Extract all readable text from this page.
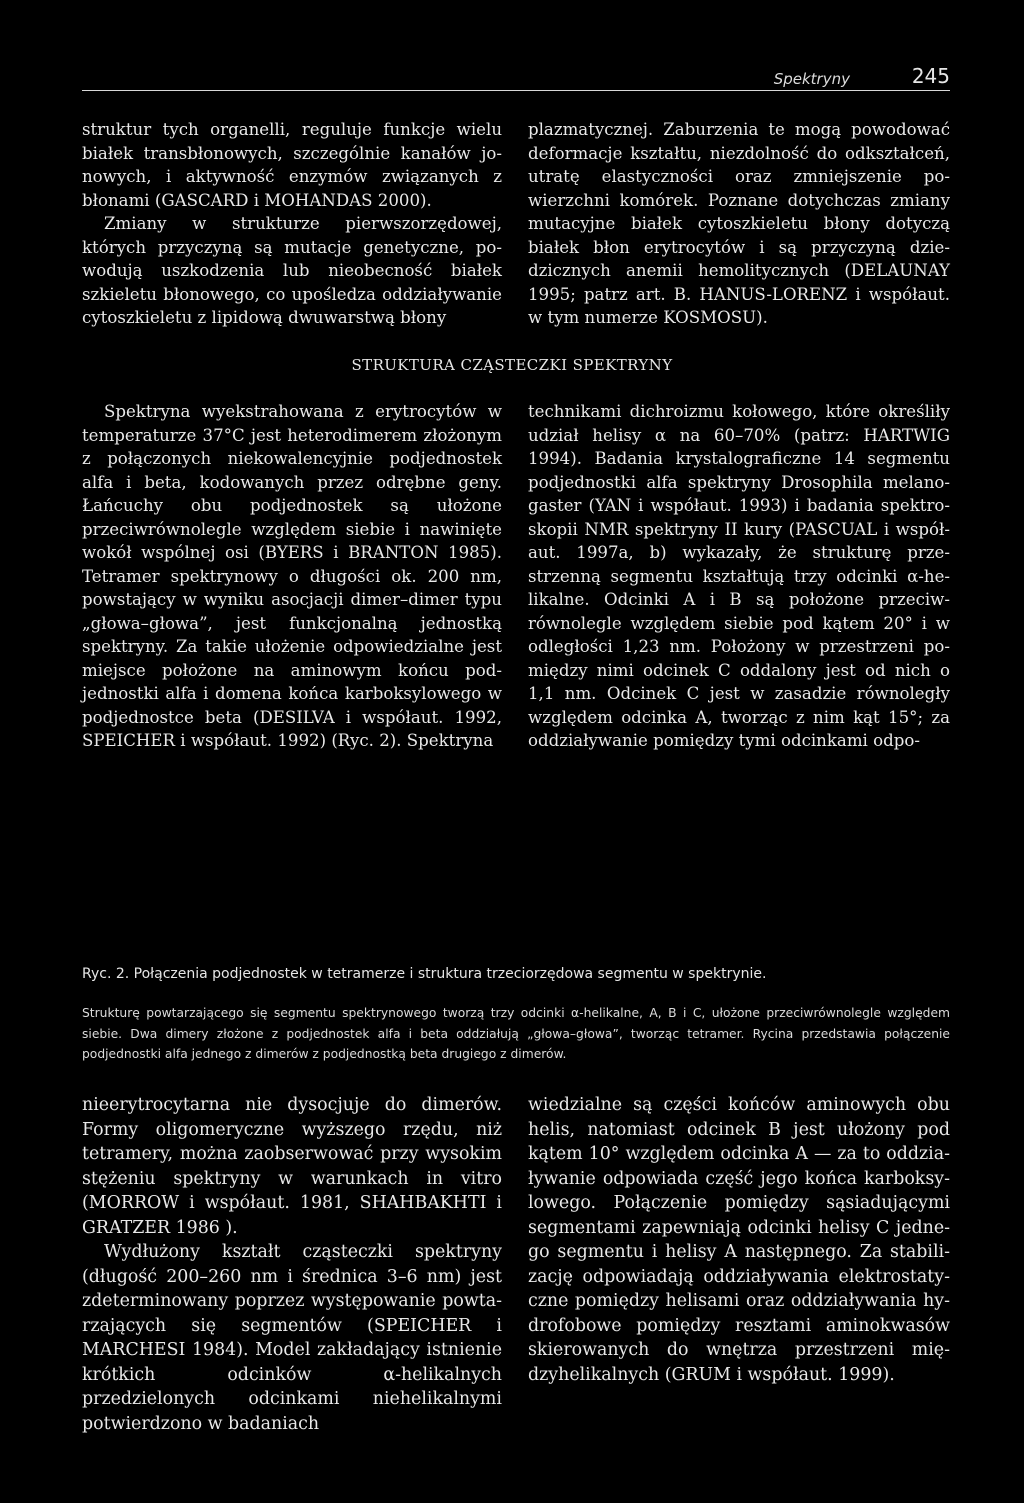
Spektryny	245

struktur tych organelli, reguluje funkcje wielu białek transbłonowych, szczególnie kanałów jonowych, i aktywność enzymów związanych z błonami (GASCARD i MOHANDAS 2000).

Zmiany w strukturze pierwszorzędowej, których przyczyną są mutacje genetyczne, powodują uszkodzenia lub nieobecność białek szkieletu błonowego, co upośledza oddziaływanie cytoszkieletu z lipidową dwuwarstwą błony

plazmatycznej. Zaburzenia te mogą powodować deformacje kształtu, niezdolność do odkształceń, utratę elastyczności oraz zmniejszenie powierzchni komórek. Poznane dotychczas zmiany mutacyjne białek cytoszkieletu błony dotyczą białek błon erytrocytów i są przyczyną dziedzicznych anemii hemolitycznych (DELAUNAY 1995; patrz art. B. HANUS-LORENZ i współaut. w tym numerze KOSMOSU).

STRUKTURA CZĄSTECZKI SPEKTRYNY

Spektryna wyekstrahowana z erytrocytów w temperaturze 37°C jest heterodimerem złożonym z połączonych niekowalencyjnie podjednostek alfa i beta, kodowanych przez odrębne geny. Łańcuchy obu podjednostek są ułożone przeciwrównolegle względem siebie i nawinięte wokół wspólnej osi (BYERS i BRANTON 1985). Tetramer spektrynowy o długości ok. 200 nm, powstający w wyniku asocjacji dimer–dimer typu „głowa–głowa”, jest funkcjonalną jednostką spektryny. Za takie ułożenie odpowiedzialne jest miejsce położone na aminowym końcu podjednostki alfa i domena końca karboksylowego w podjednostce beta (DESILVA i współaut. 1992, SPEICHER i współaut. 1992) (Ryc. 2). Spektryna

technikami dichroizmu kołowego, które określiły udział helisy α na 60–70% (patrz: HARTWIG 1994). Badania krystalograficzne 14 segmentu podjednostki alfa spektryny Drosophila melanogaster (YAN i współaut. 1993) i badania spektroskopii NMR spektryny II kury (PASCUAL i współaut. 1997a, b) wykazały, że strukturę przestrzenną segmentu kształtują trzy odcinki α-helikalne. Odcinki A i B są położone przeciwrównolegle względem siebie pod kątem 20° i w odległości 1,23 nm. Położony w przestrzeni pomiędzy nimi odcinek C oddalony jest od nich o 1,1 nm. Odcinek C jest w zasadzie równoległy względem odcinka A, tworząc z nim kąt 15°; za oddziaływanie pomiędzy tymi odcinkami odpo-

Ryc. 2. Połączenia podjednostek w tetramerze i struktura trzeciorzędowa segmentu w spektrynie.
Strukturę powtarzającego się segmentu spektrynowego tworzą trzy odcinki α-helikalne, A, B i C, ułożone przeciwrównolegle względem siebie. Dwa dimery złożone z podjednostek alfa i beta oddziałują „głowa–głowa”, tworząc tetramer. Rycina przedstawia połączenie podjednostki alfa jednego z dimerów z podjednostką beta drugiego z dimerów.

nieerytrocytarna nie dysocjuje do dimerów. Formy oligomeryczne wyższego rzędu, niż tetramery, można zaobserwować przy wysokim stężeniu spektryny w warunkach in vitro (MORROW i współaut. 1981, SHAHBAKHTI i GRATZER 1986 ).

Wydłużony kształt cząsteczki spektryny (długość 200–260 nm i średnica 3–6 nm) jest zdeterminowany poprzez występowanie powtarzających się segmentów (SPEICHER i MARCHESI 1984). Model zakładający istnienie krótkich odcinków α-helikalnych przedzielonych odcinkami niehelikalnymi potwierdzono w badaniach

wiedzialne są części końców aminowych obu helis, natomiast odcinek B jest ułożony pod kątem 10° względem odcinka A — za to oddziaływanie odpowiada część jego końca karboksylowego. Połączenie pomiędzy sąsiadującymi segmentami zapewniają odcinki helisy C jednego segmentu i helisy A następnego. Za stabilizację odpowiadają oddziaływania elektrostatyczne pomiędzy helisami oraz oddziaływania hydrofobowe pomiędzy resztami aminokwasów skierowanych do wnętrza przestrzeni międzyhelikalnych (GRUM i współaut. 1999).
